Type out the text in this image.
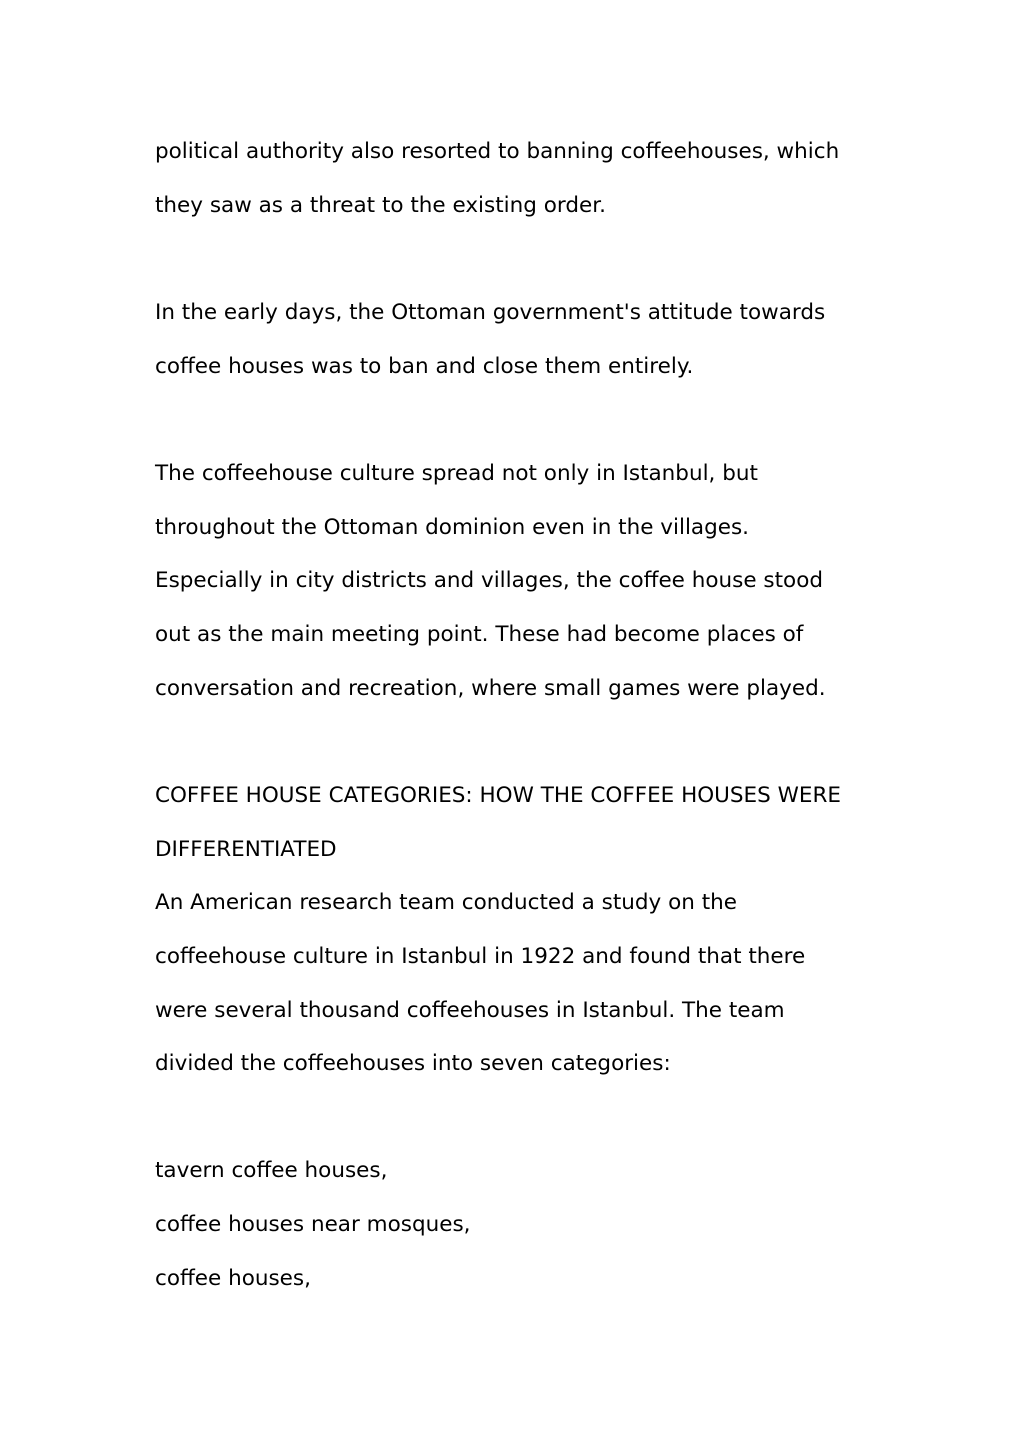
political authority also resorted to banning coffeehouses, which

they saw as a threat to the existing order.

In the early days, the Ottoman government's attitude towards

coffee houses was to ban and close them entirely.

The coffeehouse culture spread not only in Istanbul, but

throughout the Ottoman dominion even in the villages.

Especially in city districts and villages, the coffee house stood

out as the main meeting point. These had become places of

conversation and recreation, where small games were played.

COFFEE HOUSE CATEGORIES: HOW THE COFFEE HOUSES WERE

DIFFERENTIATED

An American research team conducted a study on the

coffeehouse culture in Istanbul in 1922 and found that there

were several thousand coffeehouses in Istanbul. The team

divided the coffeehouses into seven categories:

tavern coffee houses,

coffee houses near mosques,

coffee houses,
